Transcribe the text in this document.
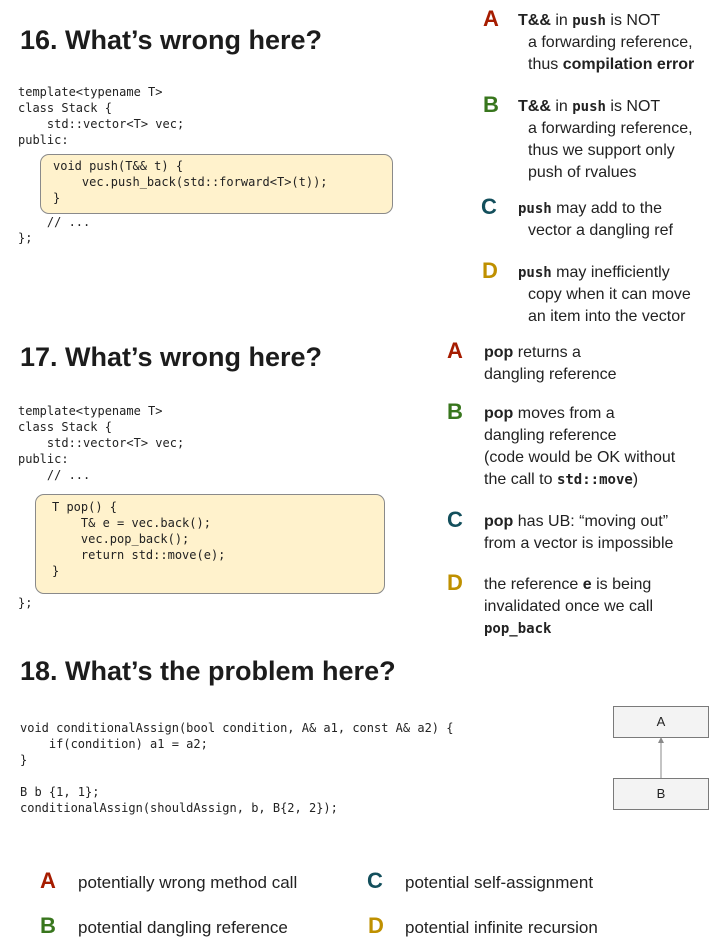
16. What’s wrong here?
template<typename T>
class Stack {
std::vector<T> vec;
public:
void push(T&& t) {
vec.push_back(std::forward<T>(t));
}
// ...
};
A T&& in push is NOT
a forwarding reference,
thus compilation error
B T&& in push is NOT
a forwarding reference,
thus we support only
push of rvalues
C push may add to the
vector a dangling ref
D push may inefficiently
copy when it can move
an item into the vector
17. What’s wrong here?
template<typename T>
class Stack {
std::vector<T> vec;
public:
// ...
T pop() {
T& e = vec.back();
vec.pop_back();
return std::move(e);
}
};
A pop returns a
dangling reference
B pop moves from a
dangling reference
(code would be OK without
the call to std::move)
C pop has UB: “moving out”
from a vector is impossible
D the reference e is being
invalidated once we call
pop_back
18. What’s the problem here?
void conditionalAssign(bool condition, A& a1, const A& a2) {
if(condition) a1 = a2;
}

B b {1, 1};
conditionalAssign(shouldAssign, b, B{2, 2});
A
B
A potentially wrong method call
B potential dangling reference
C potential self-assignment
D potential infinite recursion
